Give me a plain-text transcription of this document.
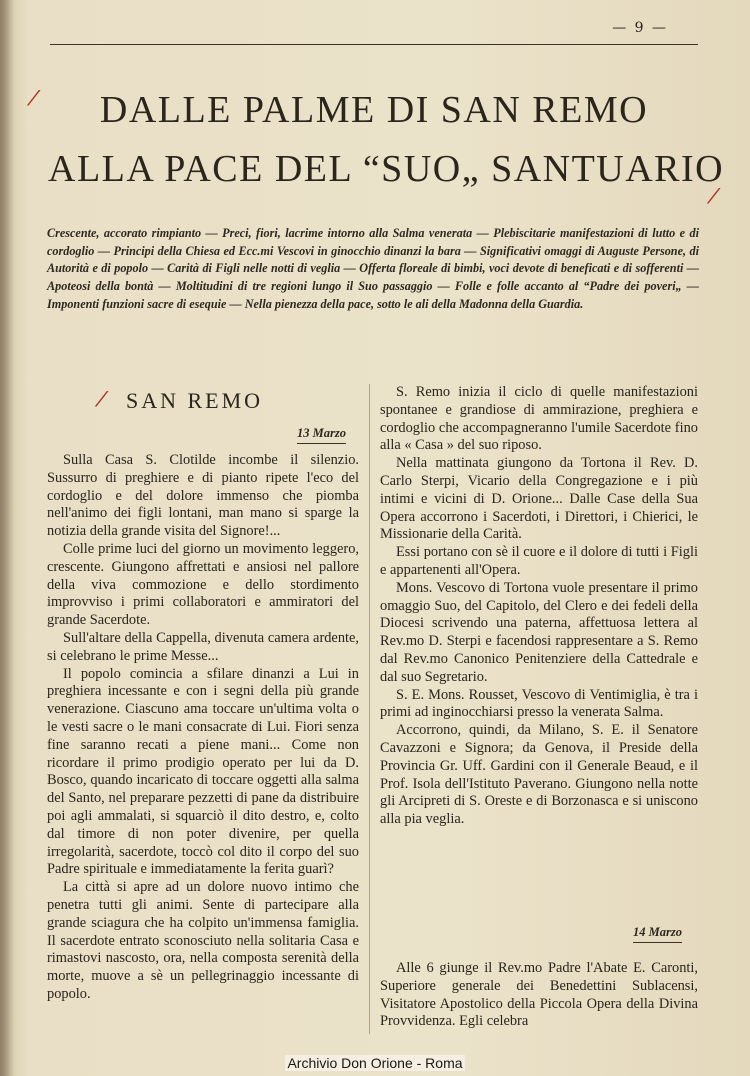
— 9 —
⁄	DALLE PALME DI SAN REMO
ALLA PACE DEL “SUO„ SANTUARIO
⁄
Crescente, accorato rimpianto — Preci, fiori, lacrime intorno alla Salma venerata — Plebiscitarie manifestazioni di lutto e di cordoglio — Principi della Chiesa ed Ecc.mi Vescovi in ginocchio dinanzi la bara — Significativi omaggi di Auguste Persone, di Autorità e di popolo — Carità di Figli nelle notti di veglia — Offerta floreale di bimbi, voci devote di beneficati e di sofferenti — Apoteosi della bontà — Moltitudini di tre regioni lungo il Suo passaggio — Folle e folle accanto al “Padre dei poveri„ — Imponenti funzioni sacre di esequie — Nella pienezza della pace, sotto le ali della Madonna della Guardia.
⁄ SAN REMO
13 Marzo

Sulla Casa S. Clotilde incombe il silenzio. Sussurro di preghiere e di pianto ripete l'eco del cordoglio e del dolore immenso che piomba nell'animo dei figli lontani, man mano si sparge la notizia della grande visita del Signore!...

Colle prime luci del giorno un movimento leggero, crescente. Giungono affrettati e ansiosi nel pallore della viva commozione e dello stordimento improvviso i primi collaboratori e ammiratori del grande Sacerdote.

Sull'altare della Cappella, divenuta camera ardente, si celebrano le prime Messe...

Il popolo comincia a sfilare dinanzi a Lui in preghiera incessante e con i segni della più grande venerazione. Ciascuno ama toccare un'ultima volta o le vesti sacre o le mani consacrate di Lui. Fiori senza fine saranno recati a piene mani... Come non ricordare il primo prodigio operato per lui da D. Bosco, quando incaricato di toccare oggetti alla salma del Santo, nel preparare pezzetti di pane da distribuire poi agli ammalati, si squarciò il dito destro, e, colto dal timore di non poter divenire, per quella irregolarità, sacerdote, toccò col dito il corpo del suo Padre spirituale e immediatamente la ferita guarì?

La città si apre ad un dolore nuovo intimo che penetra tutti gli animi. Sente di partecipare alla grande sciagura che ha colpito un'immensa famiglia. Il sacerdote entrato sconosciuto nella solitaria Casa e rimastovi nascosto, ora, nella composta serenità della morte, muove a sè un pellegrinaggio incessante di popolo.

S. Remo inizia il ciclo di quelle manifestazioni spontanee e grandiose di ammirazione, preghiera e cordoglio che accompagneranno l'umile Sacerdote fino alla « Casa » del suo riposo.

Nella mattinata giungono da Tortona il Rev. D. Carlo Sterpi, Vicario della Congregazione e i più intimi e vicini di D. Orione... Dalle Case della Sua Opera accorrono i Sacerdoti, i Direttori, i Chierici, le Missionarie della Carità.

Essi portano con sè il cuore e il dolore di tutti i Figli e appartenenti all'Opera.

Mons. Vescovo di Tortona vuole presentare il primo omaggio Suo, del Capitolo, del Clero e dei fedeli della Diocesi scrivendo una paterna, affettuosa lettera al Rev.mo D. Sterpi e facendosi rappresentare a S. Remo dal Rev.mo Canonico Penitenziere della Cattedrale e dal suo Segretario.

S. E. Mons. Rousset, Vescovo di Ventimiglia, è tra i primi ad inginocchiarsi presso la venerata Salma.

Accorrono, quindi, da Milano, S. E. il Senatore Cavazzoni e Signora; da Genova, il Preside della Provincia Gr. Uff. Gardini con il Generale Beaud, e il Prof. Isola dell'Istituto Paverano. Giungono nella notte gli Arcipreti di S. Oreste e di Borzonasca e si uniscono alla pia veglia.

14 Marzo

Alle 6 giunge il Rev.mo Padre l'Abate E. Caronti, Superiore generale dei Benedettini Sublacensi, Visitatore Apostolico della Piccola Opera della Divina Provvidenza. Egli celebra

Archivio Don Orione - Roma
